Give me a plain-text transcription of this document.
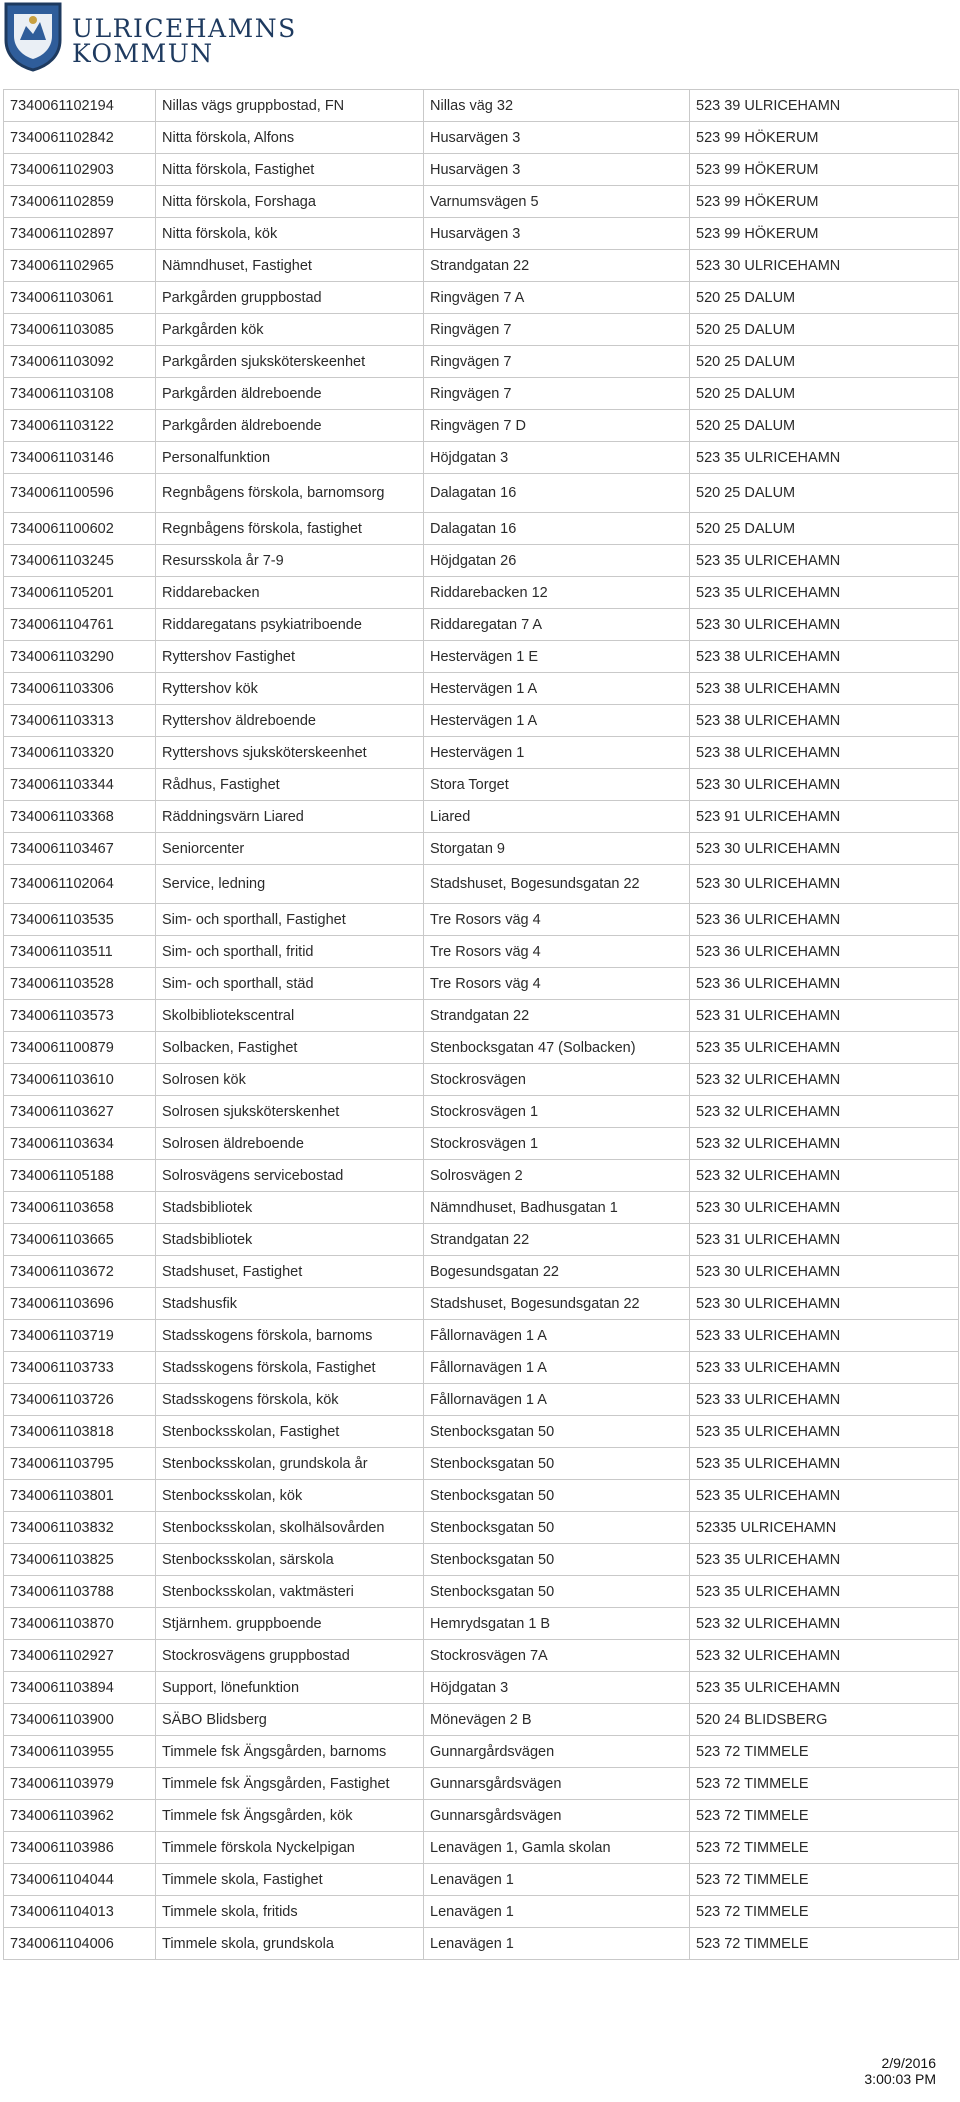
ULRICEHAMNS
KOMMUN
7340061102194	Nillas vägs gruppbostad, FN	Nillas väg 32	523 39 ULRICEHAMN
7340061102842	Nitta förskola, Alfons	Husarvägen 3	523 99 HÖKERUM
7340061102903	Nitta förskola, Fastighet	Husarvägen 3	523 99 HÖKERUM
7340061102859	Nitta förskola, Forshaga	Varnumsvägen 5	523 99 HÖKERUM
7340061102897	Nitta förskola, kök	Husarvägen 3	523 99 HÖKERUM
7340061102965	Nämndhuset, Fastighet	Strandgatan 22	523 30 ULRICEHAMN
7340061103061	Parkgården gruppbostad	Ringvägen 7 A	520 25 DALUM
7340061103085	Parkgården kök	Ringvägen 7	520 25 DALUM
7340061103092	Parkgården sjuksköterskeenhet	Ringvägen 7	520 25 DALUM
7340061103108	Parkgården äldreboende	Ringvägen 7	520 25 DALUM
7340061103122	Parkgården äldreboende	Ringvägen 7 D	520 25 DALUM
7340061103146	Personalfunktion	Höjdgatan 3	523 35 ULRICEHAMN
7340061100596	Regnbågens förskola, barnomsorg	Dalagatan 16	520 25 DALUM
7340061100602	Regnbågens förskola, fastighet	Dalagatan 16	520 25 DALUM
7340061103245	Resursskola år 7-9	Höjdgatan 26	523 35 ULRICEHAMN
7340061105201	Riddarebacken	Riddarebacken 12	523 35 ULRICEHAMN
7340061104761	Riddaregatans psykiatriboende	Riddaregatan 7 A	523 30 ULRICEHAMN
7340061103290	Ryttershov Fastighet	Hestervägen 1 E	523 38 ULRICEHAMN
7340061103306	Ryttershov kök	Hestervägen 1 A	523 38 ULRICEHAMN
7340061103313	Ryttershov äldreboende	Hestervägen 1 A	523 38 ULRICEHAMN
7340061103320	Ryttershovs sjuksköterskeenhet	Hestervägen 1	523 38 ULRICEHAMN
7340061103344	Rådhus, Fastighet	Stora Torget	523 30 ULRICEHAMN
7340061103368	Räddningsvärn Liared	Liared	523 91 ULRICEHAMN
7340061103467	Seniorcenter	Storgatan 9	523 30 ULRICEHAMN
7340061102064	Service, ledning	Stadshuset, Bogesundsgatan 22	523 30 ULRICEHAMN
7340061103535	Sim- och sporthall, Fastighet	Tre Rosors väg 4	523 36 ULRICEHAMN
7340061103511	Sim- och sporthall, fritid	Tre Rosors väg 4	523 36 ULRICEHAMN
7340061103528	Sim- och sporthall, städ	Tre Rosors väg 4	523 36 ULRICEHAMN
7340061103573	Skolbibliotekscentral	Strandgatan 22	523 31 ULRICEHAMN
7340061100879	Solbacken, Fastighet	Stenbocksgatan 47 (Solbacken)	523 35 ULRICEHAMN
7340061103610	Solrosen kök	Stockrosvägen	523 32 ULRICEHAMN
7340061103627	Solrosen sjuksköterskenhet	Stockrosvägen 1	523 32 ULRICEHAMN
7340061103634	Solrosen äldreboende	Stockrosvägen 1	523 32 ULRICEHAMN
7340061105188	Solrosvägens servicebostad	Solrosvägen 2	523 32 ULRICEHAMN
7340061103658	Stadsbibliotek	Nämndhuset, Badhusgatan 1	523 30 ULRICEHAMN
7340061103665	Stadsbibliotek	Strandgatan 22	523 31 ULRICEHAMN
7340061103672	Stadshuset, Fastighet	Bogesundsgatan 22	523 30 ULRICEHAMN
7340061103696	Stadshusfik	Stadshuset, Bogesundsgatan 22	523 30 ULRICEHAMN
7340061103719	Stadsskogens förskola, barnoms	Fållornavägen 1 A	523 33 ULRICEHAMN
7340061103733	Stadsskogens förskola, Fastighet	Fållornavägen 1 A	523 33 ULRICEHAMN
7340061103726	Stadsskogens förskola, kök	Fållornavägen 1 A	523 33 ULRICEHAMN
7340061103818	Stenbocksskolan, Fastighet	Stenbocksgatan 50	523 35 ULRICEHAMN
7340061103795	Stenbocksskolan, grundskola år	Stenbocksgatan 50	523 35 ULRICEHAMN
7340061103801	Stenbocksskolan, kök	Stenbocksgatan 50	523 35 ULRICEHAMN
7340061103832	Stenbocksskolan, skolhälsovården	Stenbocksgatan 50	52335 ULRICEHAMN
7340061103825	Stenbocksskolan, särskola	Stenbocksgatan 50	523 35 ULRICEHAMN
7340061103788	Stenbocksskolan, vaktmästeri	Stenbocksgatan 50	523 35 ULRICEHAMN
7340061103870	Stjärnhem. gruppboende	Hemrydsgatan 1 B	523 32 ULRICEHAMN
7340061102927	Stockrosvägens gruppbostad	Stockrosvägen 7A	523 32 ULRICEHAMN
7340061103894	Support, lönefunktion	Höjdgatan 3	523 35 ULRICEHAMN
7340061103900	SÄBO Blidsberg	Mönevägen 2 B	520 24 BLIDSBERG
7340061103955	Timmele fsk Ängsgården, barnoms	Gunnargårdsvägen	523 72 TIMMELE
7340061103979	Timmele fsk Ängsgården, Fastighet	Gunnarsgårdsvägen	523 72 TIMMELE
7340061103962	Timmele fsk Ängsgården, kök	Gunnarsgårdsvägen	523 72 TIMMELE
7340061103986	Timmele förskola Nyckelpigan	Lenavägen 1, Gamla skolan	523 72 TIMMELE
7340061104044	Timmele skola, Fastighet	Lenavägen 1	523 72 TIMMELE
7340061104013	Timmele skola, fritids	Lenavägen 1	523 72 TIMMELE
7340061104006	Timmele skola, grundskola	Lenavägen 1	523 72 TIMMELE
2/9/2016
3:00:03 PM
